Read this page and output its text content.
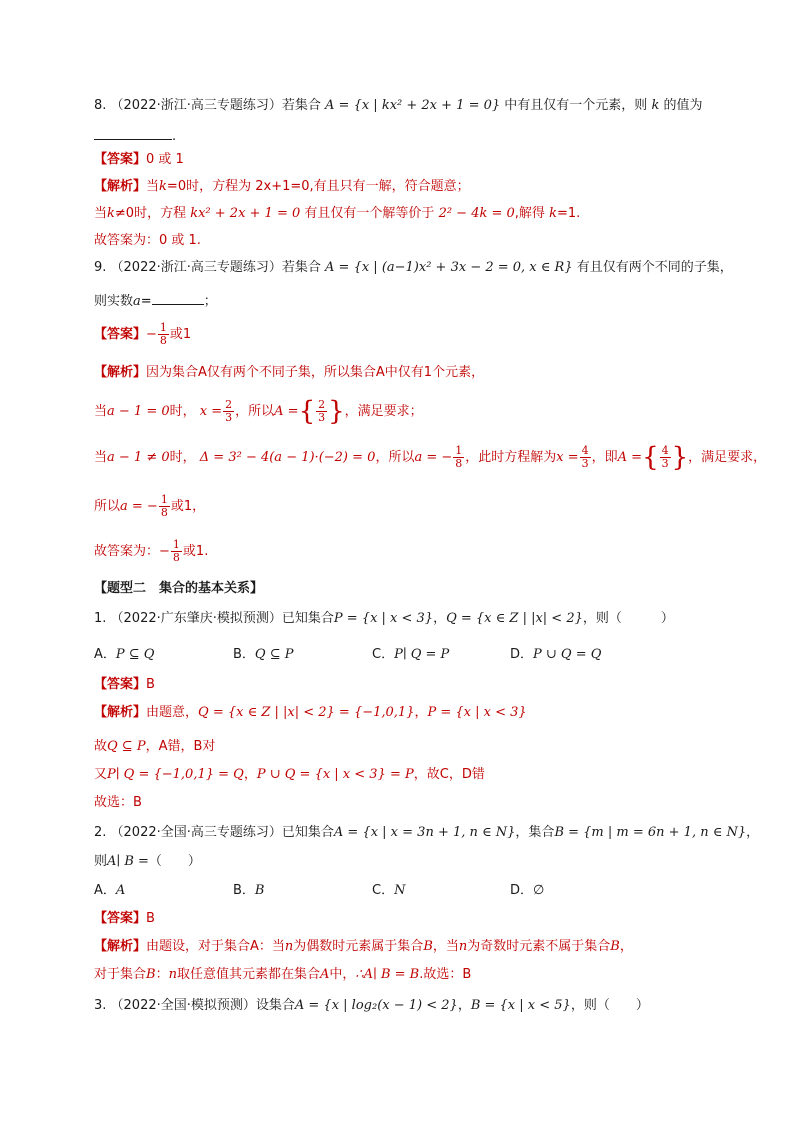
8. （2022·浙江·高三专题练习）若集合 A = {x | kx² + 2x + 1 = 0} 中有且仅有一个元素，则 k 的值为
.
【答案】0 或 1
【解析】当k=0时，方程为 2x+1=0,有且只有一解，符合题意；
当k≠0时，方程 kx² + 2x + 1 = 0 有且仅有一个解等价于 2² − 4k = 0,解得 k=1.
故答案为：0 或 1.
9. （2022·浙江·高三专题练习）若集合 A = {x | (a−1)x² + 3x − 2 = 0, x ∈ R} 有且仅有两个不同的子集，
则实数a=	；
【答案】− $\frac{1}{8}$ 或1
【解析】因为集合A仅有两个不同子集，所以集合A中仅有1个元素，
当a − 1 = 0时， $x = \frac{2}{3}$ ，所以A ={ $\frac{2}{3}$ }，满足要求；
当a − 1 ≠ 0时， Δ = 3² − 4(a − 1)·(−2) = 0，所以a = − $\frac{1}{8}$ ，此时方程解为$x = \frac{4}{3}$ ，即A ={ $\frac{4}{3}$ }，满足要求，
所以a = − $\frac{1}{8}$ 或1，
故答案为：− $\frac{1}{8}$ 或1.
【题型二　集合的基本关系】
1. （2022·广东肇庆·模拟预测）已知集合P = {x | x < 3}，Q = {x ∈ Z | |x| < 2}，则（　　　）
A．P ⊆ Q	B．Q ⊆ P	C．P∣ Q = P	D．P ∪ Q = Q
【答案】B
【解析】由题意，Q = {x ∈ Z | |x| < 2} = {−1,0,1}，P = {x | x < 3}
故Q ⊆ P，A错，B对
又P∣ Q = {−1,0,1} = Q，P ∪ Q = {x | x < 3} = P，故C，D错
故选：B
2. （2022·全国·高三专题练习）已知集合A = {x | x = 3n + 1, n ∈ N}，集合B = {m | m = 6n + 1, n ∈ N}，
则A∣ B =（　　）
A．A	B．B	C．N	D．∅
【答案】B
【解析】由题设，对于集合A：当n为偶数时元素属于集合B，当n为奇数时元素不属于集合B，
对于集合B：n取任意值其元素都在集合A中，∴A∣ B = B.故选：B
3. （2022·全国·模拟预测）设集合A = {x | log₂(x − 1) < 2}，B = {x | x < 5}，则（　　）
